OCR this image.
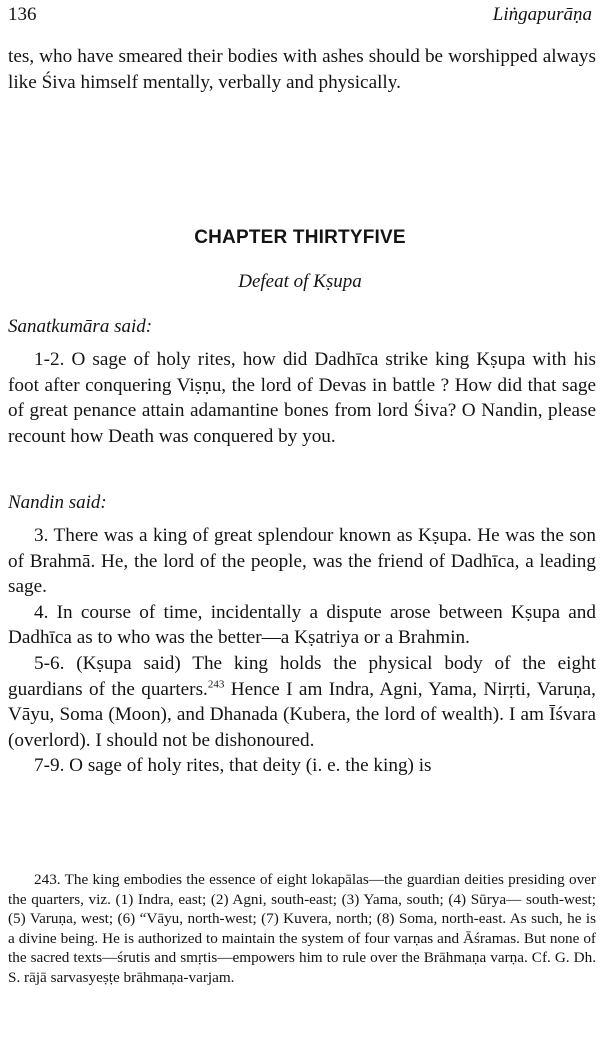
136	Liṅgapurāṇa

tes, who have smeared their bodies with ashes should be worshipped always like Śiva himself mentally, verbally and physically.

CHAPTER THIRTYFIVE
Defeat of Kṣupa
Sanatkumāra said:

1-2. O sage of holy rites, how did Dadhīca strike king Kṣupa with his foot after conquering Viṣṇu, the lord of Devas in battle ? How did that sage of great penance attain adamantine bones from lord Śiva? O Nandin, please recount how Death was conquered by you.

Nandin said:

3. There was a king of great splendour known as Kṣupa. He was the son of Brahmā. He, the lord of the people, was the friend of Dadhīca, a leading sage.

4. In course of time, incidentally a dispute arose between Kṣupa and Dadhīca as to who was the better—a Kṣatriya or a Brahmin.

5-6. (Kṣupa said) The king holds the physical body of the eight guardians of the quarters.$^{243}$ Hence I am Indra, Agni, Yama, Nirṛti, Varuṇa, Vāyu, Soma (Moon), and Dhanada (Kubera, the lord of wealth). I am Īśvara (overlord). I should not be dishonoured.

7-9. O sage of holy rites, that deity (i. e. the king) is

243. The king embodies the essence of eight lokapālas—the guardian deities presiding over the quarters, viz. (1) Indra, east; (2) Agni, south-east; (3) Yama, south; (4) Sūrya— south-west; (5) Varuṇa, west; (6) “Vāyu, north-west; (7) Kuvera, north; (8) Soma, north-east. As such, he is a divine being. He is authorized to maintain the system of four varṇas and Āśramas. But none of the sacred texts—śrutis and smṛtis—empowers him to rule over the Brāhmaṇa varṇa. Cf. G. Dh. S. rājā sarvasyeṣṭe brāhmaṇa-varjam.
